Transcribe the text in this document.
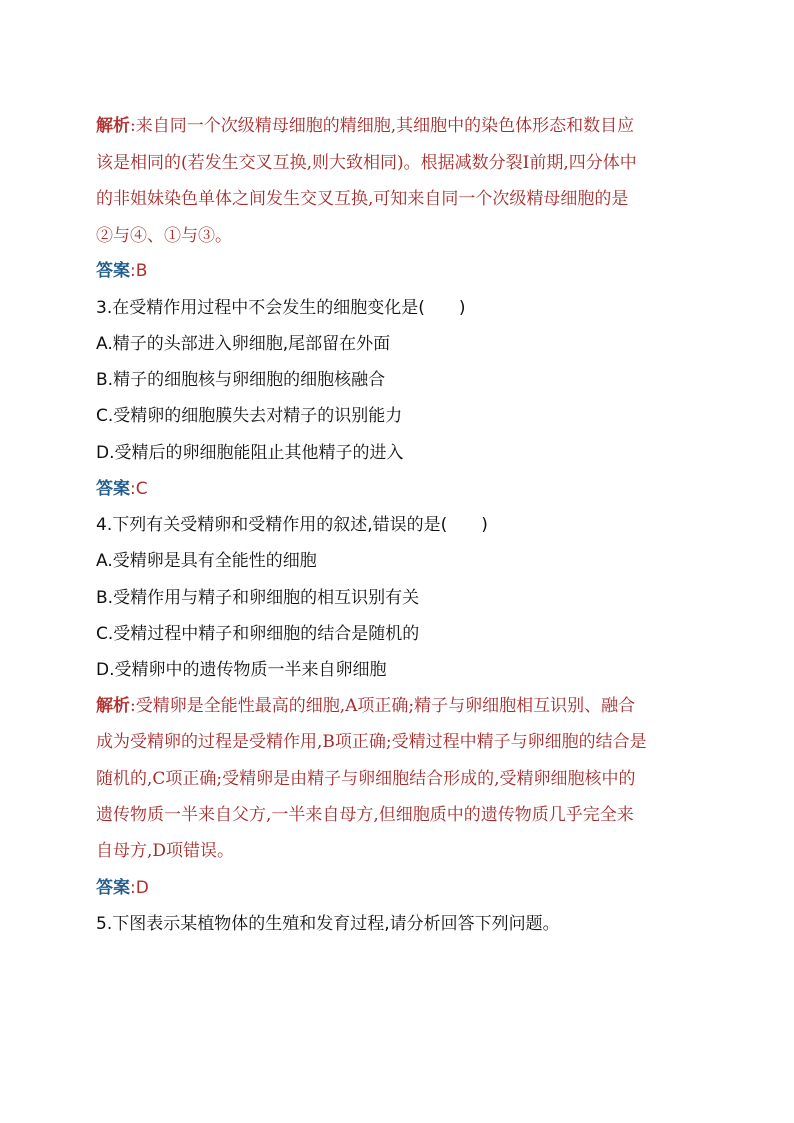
解析:来自同一个次级精母细胞的精细胞,其细胞中的染色体形态和数目应
该是相同的(若发生交叉互换,则大致相同)。根据减数分裂Ⅰ前期,四分体中
的非姐妹染色单体之间发生交叉互换,可知来自同一个次级精母细胞的是
②与④、①与③。
答案:B
3.在受精作用过程中不会发生的细胞变化是(　　)
A.精子的头部进入卵细胞,尾部留在外面
B.精子的细胞核与卵细胞的细胞核融合
C.受精卵的细胞膜失去对精子的识别能力
D.受精后的卵细胞能阻止其他精子的进入
答案:C
4.下列有关受精卵和受精作用的叙述,错误的是(　　)
A.受精卵是具有全能性的细胞
B.受精作用与精子和卵细胞的相互识别有关
C.受精过程中精子和卵细胞的结合是随机的
D.受精卵中的遗传物质一半来自卵细胞
解析:受精卵是全能性最高的细胞,A项正确;精子与卵细胞相互识别、融合
成为受精卵的过程是受精作用,B项正确;受精过程中精子与卵细胞的结合是
随机的,C项正确;受精卵是由精子与卵细胞结合形成的,受精卵细胞核中的
遗传物质一半来自父方,一半来自母方,但细胞质中的遗传物质几乎完全来
自母方,D项错误。
答案:D
5.下图表示某植物体的生殖和发育过程,请分析回答下列问题。
